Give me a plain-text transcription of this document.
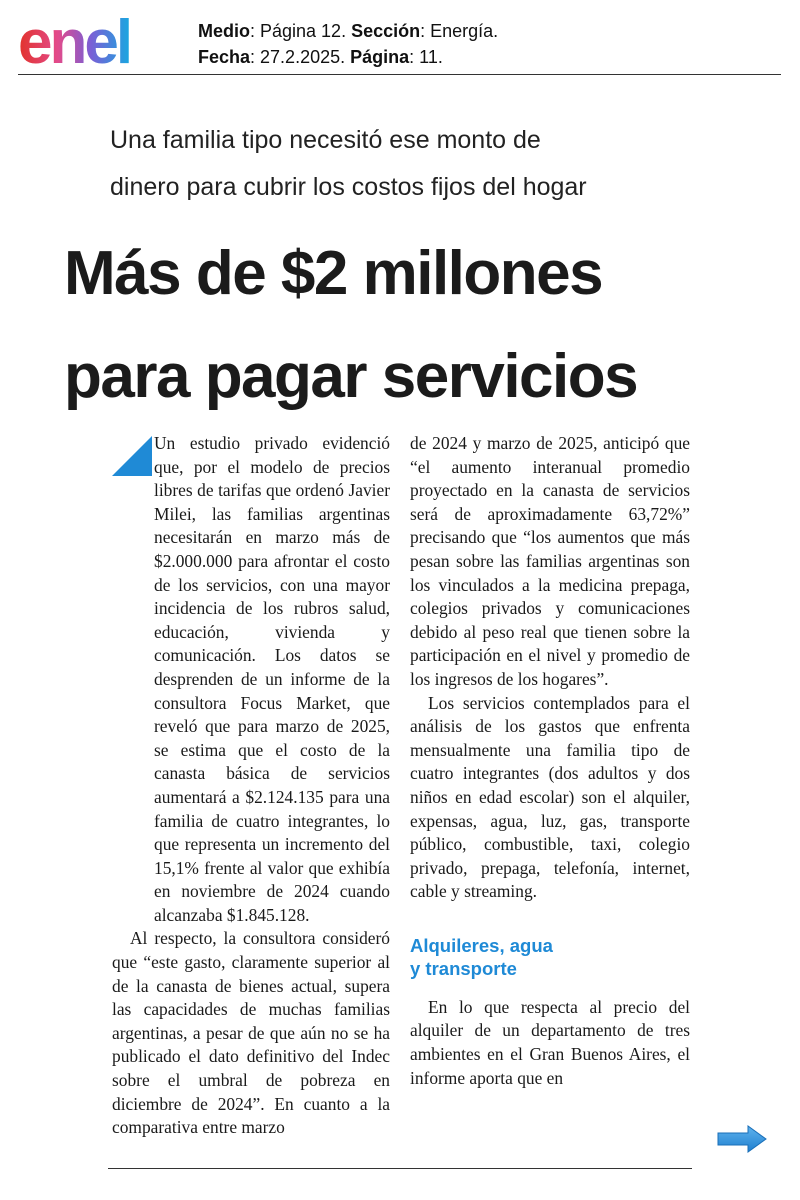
enel	Medio: Página 12. Sección: Energía.
Fecha: 27.2.2025. Página: 11.
Una familia tipo necesitó ese monto de
dinero para cubrir los costos fijos del hogar
Más de $2 millones
para pagar servicios

Un estudio privado evidenció que, por el modelo de precios libres de tarifas que ordenó Javier Milei, las familias argentinas necesitarán en marzo más de $2.000.000 para afrontar el costo de los servicios, con una mayor incidencia de los rubros salud, educación, vivienda y comunicación. Los datos se desprenden de un informe de la consultora Focus Market, que reveló que para marzo de 2025, se estima que el costo de la canasta básica de servicios aumentará a $2.124.135 para una familia de cuatro integrantes, lo que representa un incremento del 15,1% frente al valor que exhibía en noviembre de 2024 cuando alcanzaba $1.845.128.

Al respecto, la consultora consideró que “este gasto, claramente superior al de la canasta de bienes actual, supera las capacidades de muchas familias argentinas, a pesar de que aún no se ha publicado el dato definitivo del Indec sobre el umbral de pobreza en diciembre de 2024”. En cuanto a la comparativa entre marzo

de 2024 y marzo de 2025, anticipó que “el aumento interanual promedio proyectado en la canasta de servicios será de aproximadamente 63,72%” precisando que “los aumentos que más pesan sobre las familias argentinas son los vinculados a la medicina prepaga, colegios privados y comunicaciones debido al peso real que tienen sobre la participación en el nivel y promedio de los ingresos de los hogares”.

Los servicios contemplados para el análisis de los gastos que enfrenta mensualmente una familia tipo de cuatro integrantes (dos adultos y dos niños en edad escolar) son el alquiler, expensas, agua, luz, gas, transporte público, combustible, taxi, colegio privado, prepaga, telefonía, internet, cable y streaming.

Alquileres, agua
y transporte

En lo que respecta al precio del alquiler de un departamento de tres ambientes en el Gran Buenos Aires, el informe aporta que en
